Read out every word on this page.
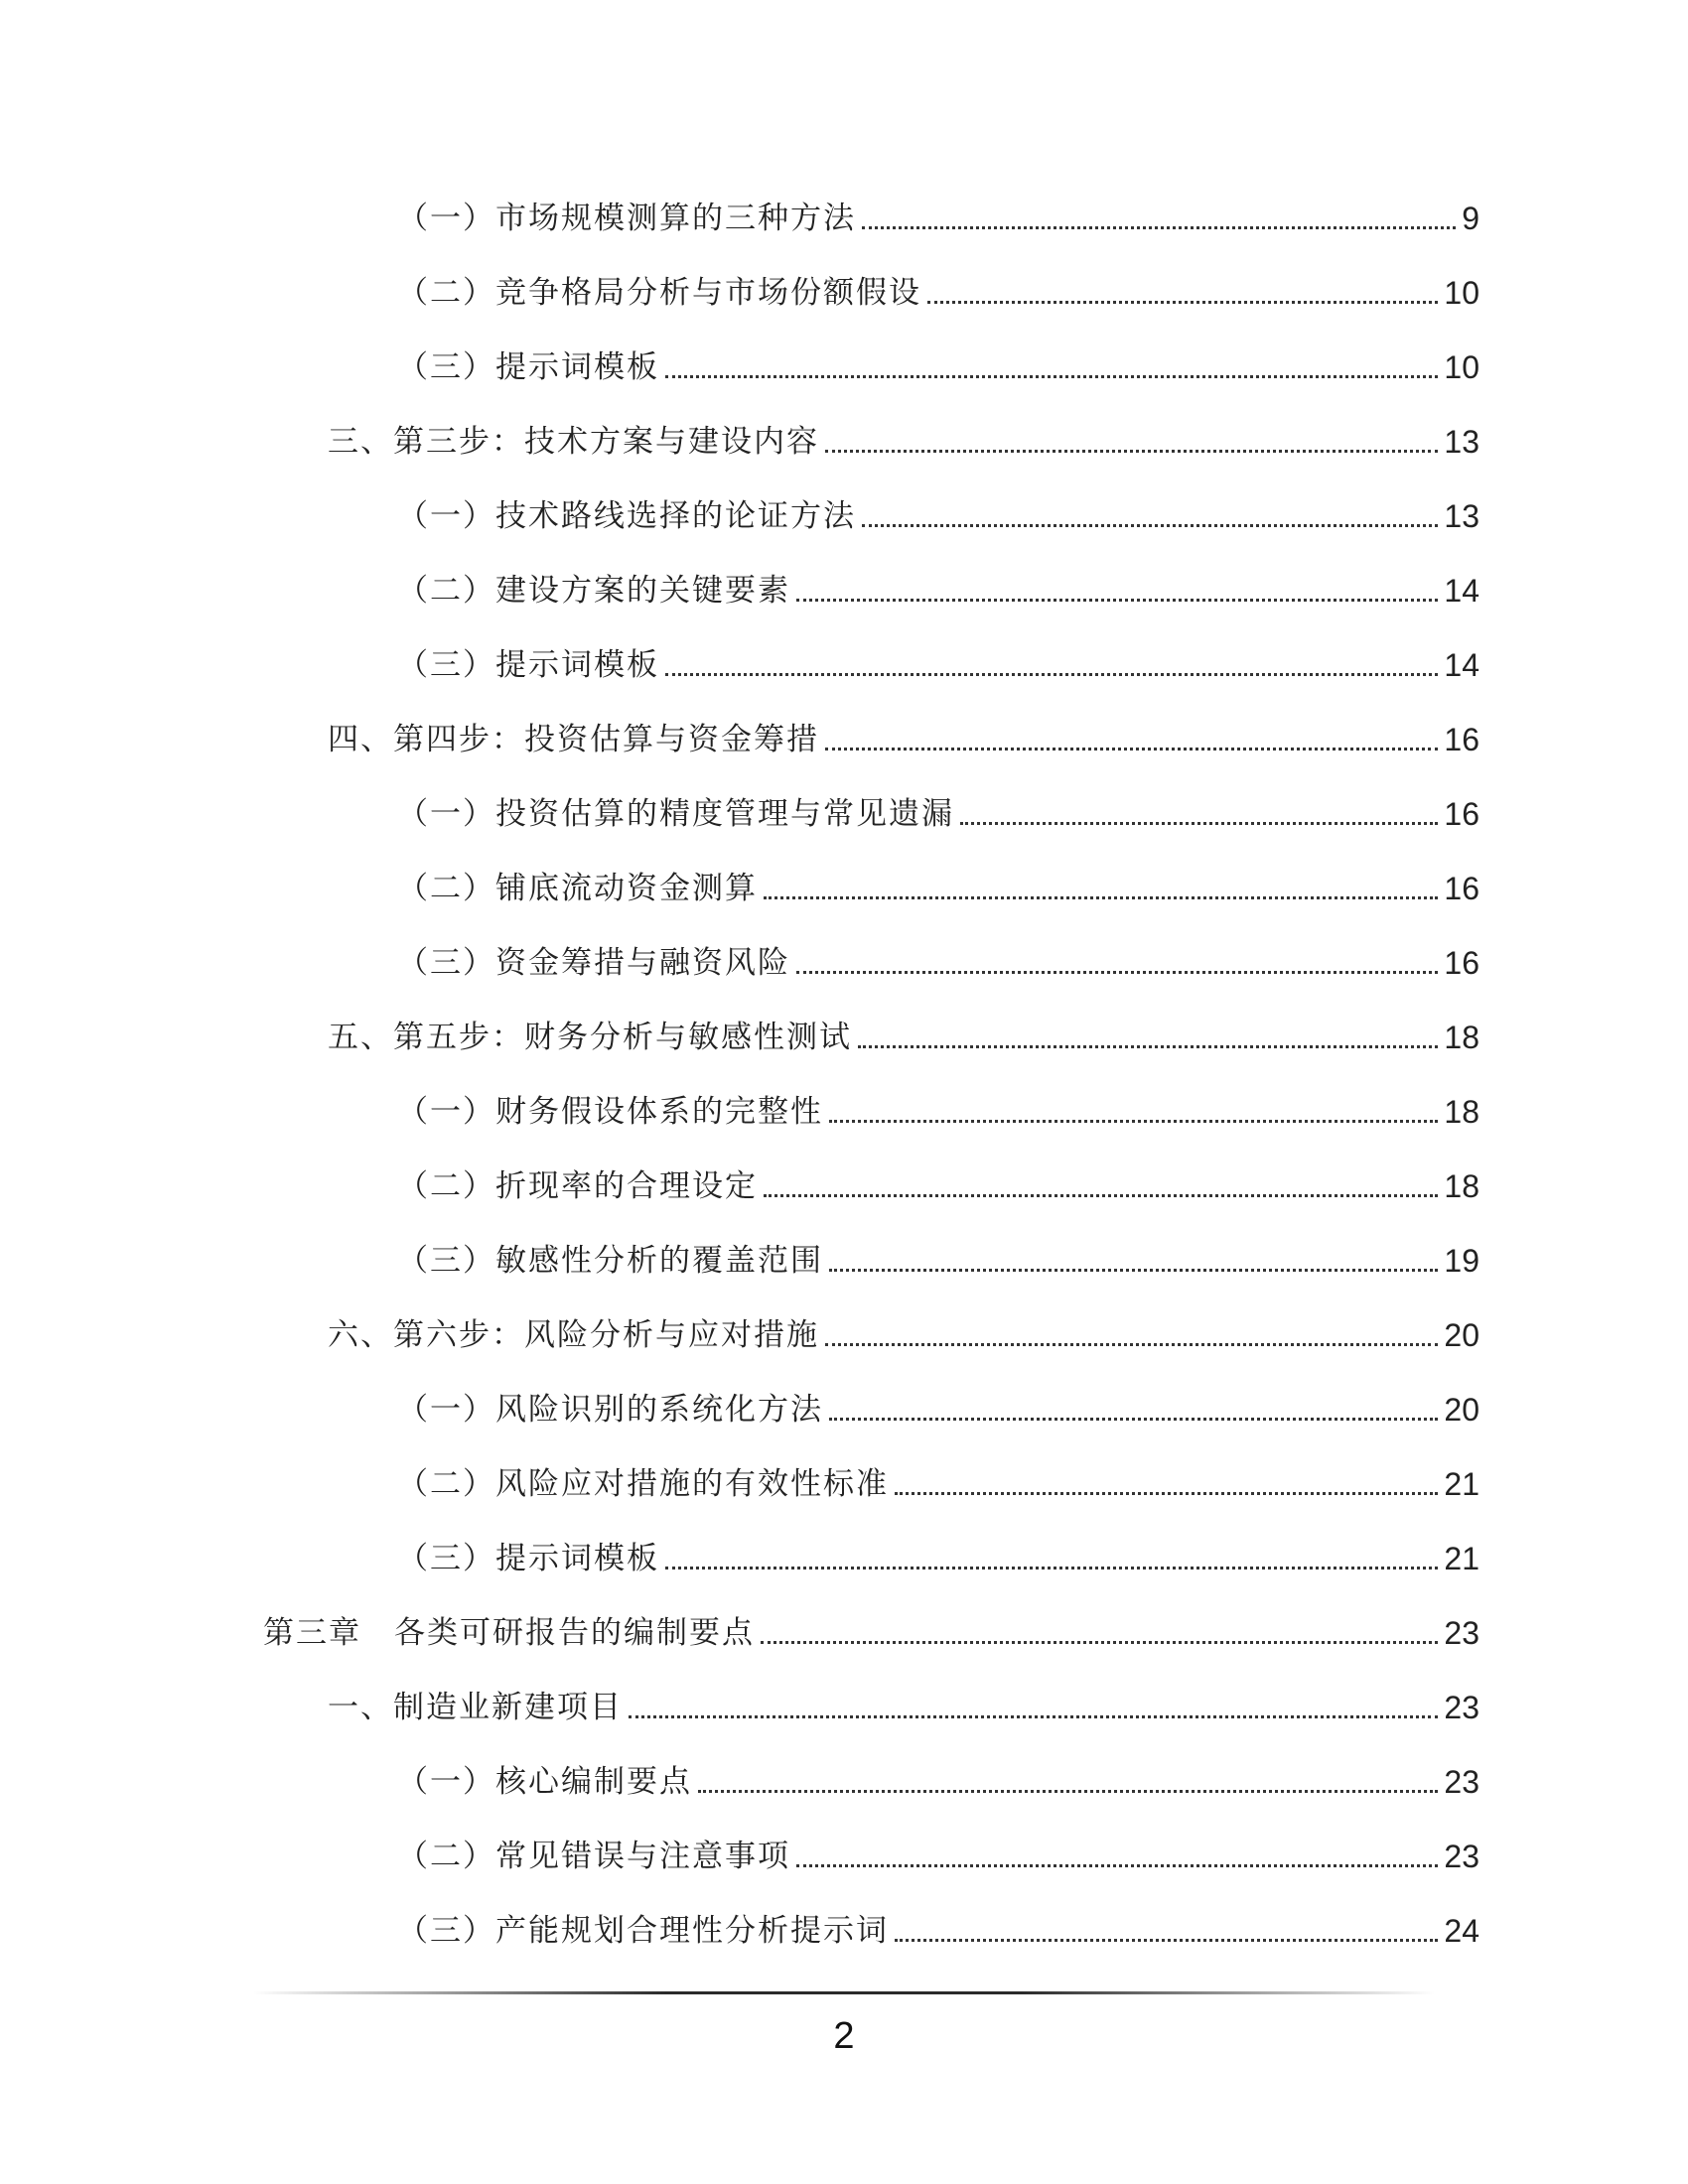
（一）市场规模测算的三种方法	9
（二）竞争格局分析与市场份额假设	10
（三）提示词模板	10
三、第三步：技术方案与建设内容	13
（一）技术路线选择的论证方法	13
（二）建设方案的关键要素	14
（三）提示词模板	14
四、第四步：投资估算与资金筹措	16
（一）投资估算的精度管理与常见遗漏	16
（二）铺底流动资金测算	16
（三）资金筹措与融资风险	16
五、第五步：财务分析与敏感性测试	18
（一）财务假设体系的完整性	18
（二）折现率的合理设定	18
（三）敏感性分析的覆盖范围	19
六、第六步：风险分析与应对措施	20
（一）风险识别的系统化方法	20
（二）风险应对措施的有效性标准	21
（三）提示词模板	21
第三章　各类可研报告的编制要点	23
一、制造业新建项目	23
（一）核心编制要点	23
（二）常见错误与注意事项	23
（三）产能规划合理性分析提示词	24
2
